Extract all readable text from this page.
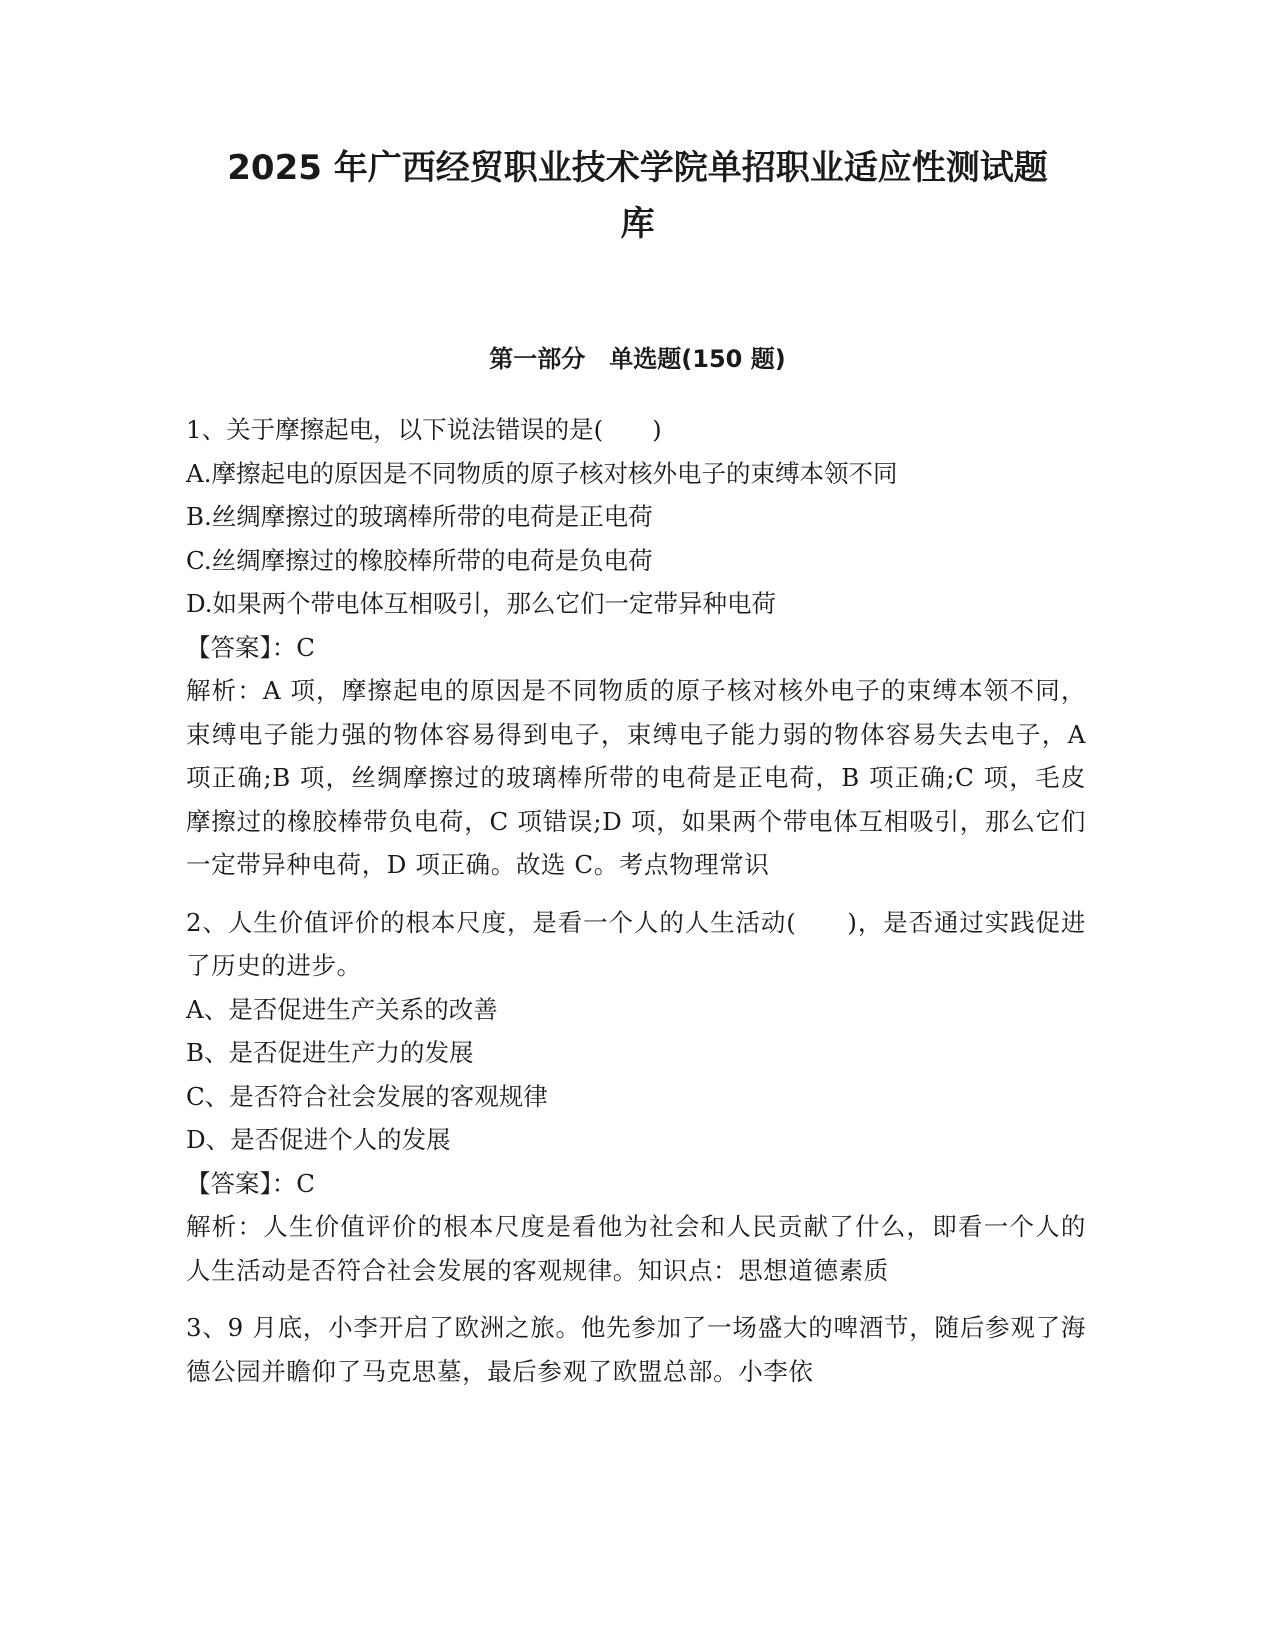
2025 年广西经贸职业技术学院单招职业适应性测试题
库
第一部分　单选题(150 题)
1、关于摩擦起电，以下说法错误的是(　　)
A.摩擦起电的原因是不同物质的原子核对核外电子的束缚本领不同
B.丝绸摩擦过的玻璃棒所带的电荷是正电荷
C.丝绸摩擦过的橡胶棒所带的电荷是负电荷
D.如果两个带电体互相吸引，那么它们一定带异种电荷
【答案】：C
解析：A 项，摩擦起电的原因是不同物质的原子核对核外电子的束缚本领不同，束缚电子能力强的物体容易得到电子，束缚电子能力弱的物体容易失去电子，A 项正确;B 项，丝绸摩擦过的玻璃棒所带的电荷是正电荷，B 项正确;C 项，毛皮摩擦过的橡胶棒带负电荷，C 项错误;D 项，如果两个带电体互相吸引，那么它们一定带异种电荷，D 项正确。故选 C。考点物理常识
2、人生价值评价的根本尺度，是看一个人的人生活动(　　)，是否通过实践促进了历史的进步。
A、是否促进生产关系的改善
B、是否促进生产力的发展
C、是否符合社会发展的客观规律
D、是否促进个人的发展
【答案】：C
解析：人生价值评价的根本尺度是看他为社会和人民贡献了什么，即看一个人的人生活动是否符合社会发展的客观规律。知识点：思想道德素质
3、9 月底，小李开启了欧洲之旅。他先参加了一场盛大的啤酒节，随后参观了海德公园并瞻仰了马克思墓，最后参观了欧盟总部。小李依
